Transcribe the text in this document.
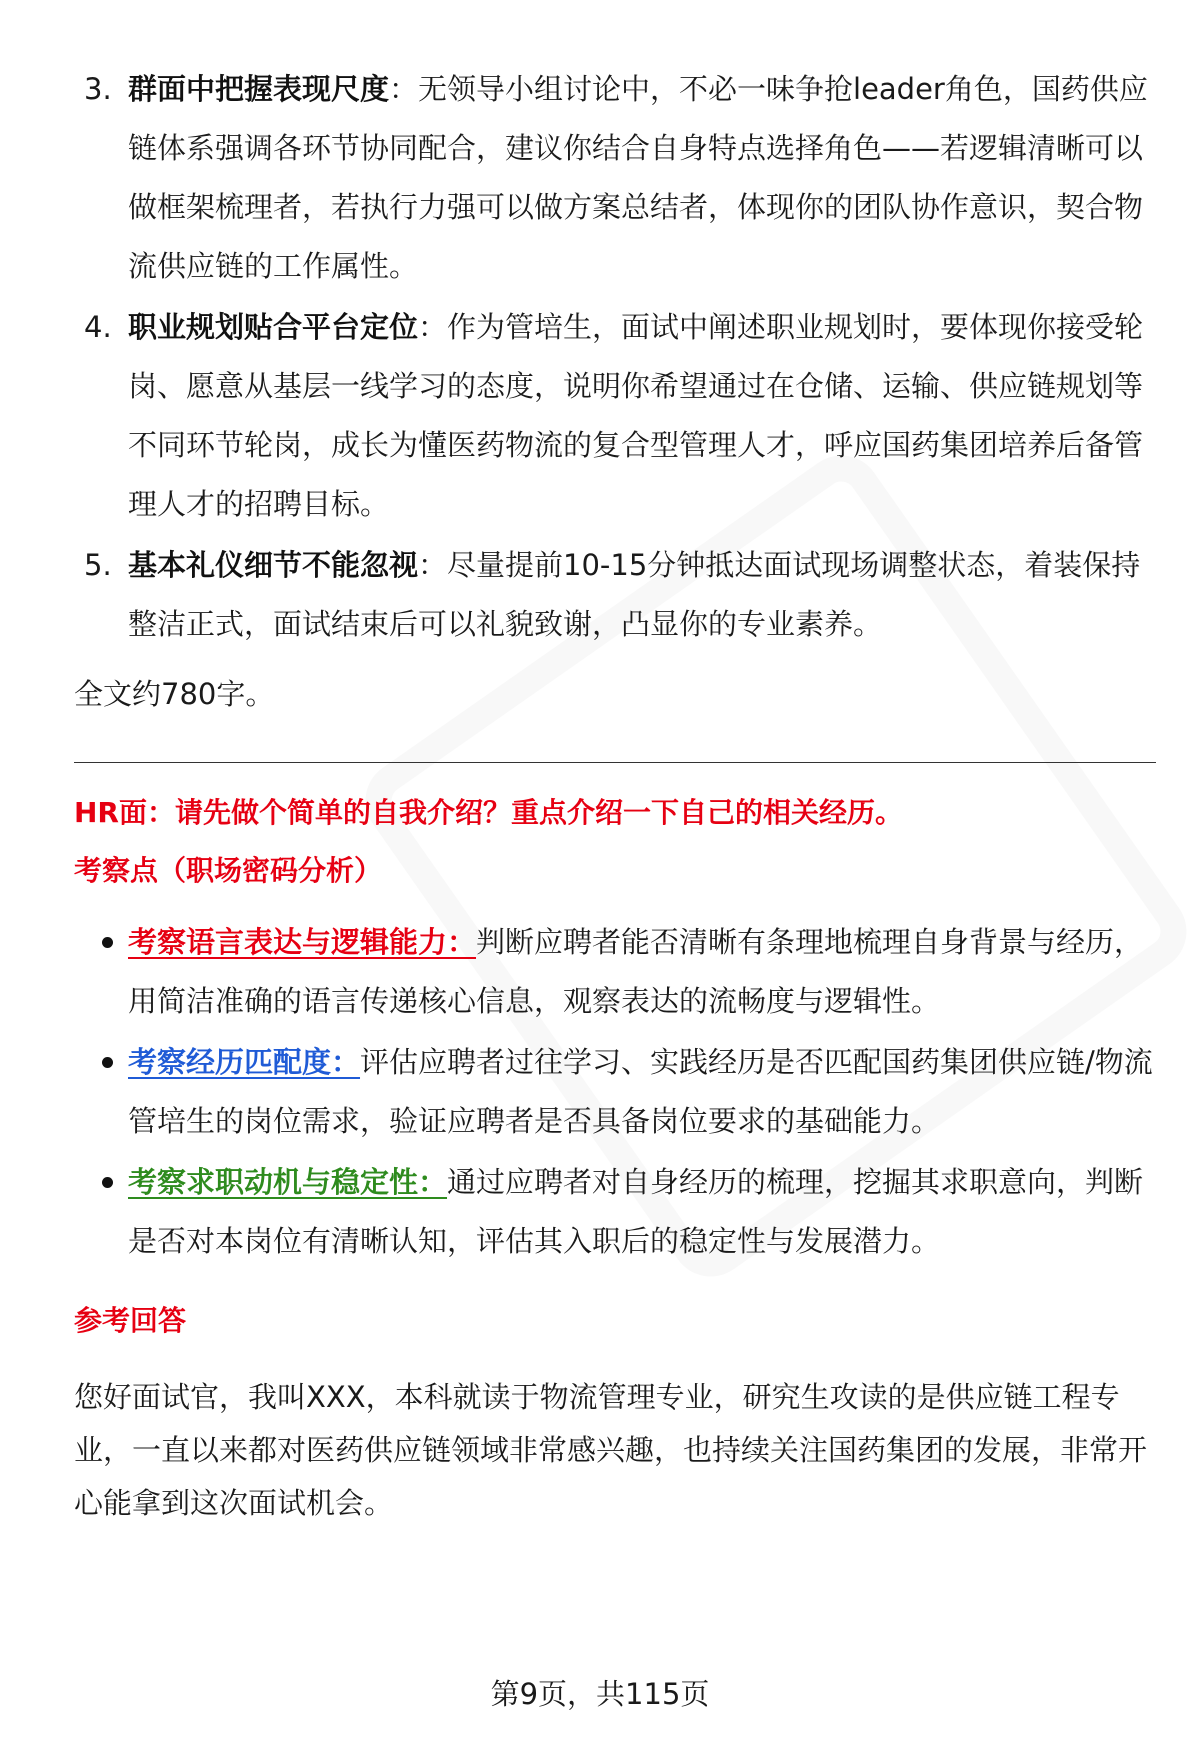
3. 群面中把握表现尺度：无领导小组讨论中，不必一味争抢leader角色，国药供应链体系强调各环节协同配合，建议你结合自身特点选择角色——若逻辑清晰可以做框架梳理者，若执行力强可以做方案总结者，体现你的团队协作意识，契合物流供应链的工作属性。
4. 职业规划贴合平台定位：作为管培生，面试中阐述职业规划时，要体现你接受轮岗、愿意从基层一线学习的态度，说明你希望通过在仓储、运输、供应链规划等不同环节轮岗，成长为懂医药物流的复合型管理人才，呼应国药集团培养后备管理人才的招聘目标。
5. 基本礼仪细节不能忽视：尽量提前10-15分钟抵达面试现场调整状态，着装保持整洁正式，面试结束后可以礼貌致谢，凸显你的专业素养。
全文约780字。
HR面：请先做个简单的自我介绍？重点介绍一下自己的相关经历。
考察点（职场密码分析）
考察语言表达与逻辑能力：判断应聘者能否清晰有条理地梳理自身背景与经历，用简洁准确的语言传递核心信息，观察表达的流畅度与逻辑性。
考察经历匹配度：评估应聘者过往学习、实践经历是否匹配国药集团供应链/物流管培生的岗位需求，验证应聘者是否具备岗位要求的基础能力。
考察求职动机与稳定性：通过应聘者对自身经历的梳理，挖掘其求职意向，判断是否对本岗位有清晰认知，评估其入职后的稳定性与发展潜力。
参考回答
您好面试官，我叫XXX，本科就读于物流管理专业，研究生攻读的是供应链工程专业，一直以来都对医药供应链领域非常感兴趣，也持续关注国药集团的发展，非常开心能拿到这次面试机会。
第9页，共115页
